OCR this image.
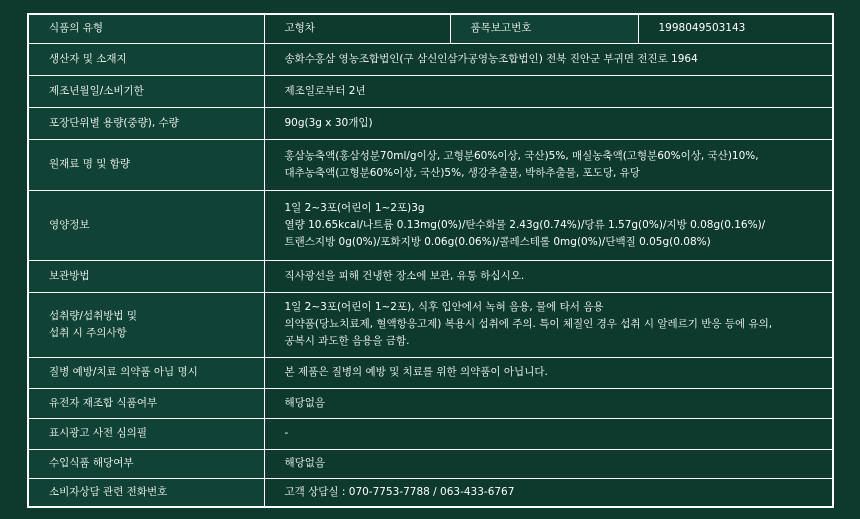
식품의 유형	고형차	품목보고번호	1998049503143
생산자 및 소재지	송화수홍삼 영농조합법인(구 삼신인삼가공영농조합법인) 전북 진안군 부귀면 전진로 1964		
제조년월일/소비기한	제조일로부터 2년		
포장단위별 용량(중량), 수량	90g(3g x 30개입)		
원재료 명 및 함량	홍삼농축액(홍삼성분70ml/g이상, 고형분60%이상, 국산)5%, 매실농축액(고형분60%이상, 국산)10%,
대추농축액(고형분60%이상, 국산)5%, 생강추출물, 박하추출물, 포도당, 유당		

영양정보	1일 2~3포(어린이 1~2포)3g
열량 10.65kcal/나트륨 0.13mg(0%)/탄수화물 2.43g(0.74%)/당류 1.57g(0%)/지방 0.08g(0.16%)/
트랜스지방 0g(0%)/포화지방 0.06g(0.06%)/콜레스테롤 0mg(0%)/단백질 0.05g(0.08%)		

보관방법	직사광선을 피해 건냉한 장소에 보관, 유통 하십시오.		

섭취량/섭취방법 및
섭취 시 주의사항	1일 2~3포(어린이 1~2포), 식후 입안에서 녹혀 음용, 물에 타서 음용
의약품(당뇨치료제, 혈액항응고제) 복용시 섭취에 주의. 특이 체질인 경우 섭취 시 알레르기 반응 등에 유의,
공복시 과도한 음용을 금함.		

질병 예방/치료 의약품 아님 명시	본 제품은 질병의 예방 및 치료를 위한 의약품이 아닙니다.		
유전자 재조합 식품여부	해당없음		
표시광고 사전 심의필	-		
수입식품 해당여부	해당없음		
소비자상담 관련 전화번호	고객 상담실 : 070-7753-7788 / 063-433-6767		
